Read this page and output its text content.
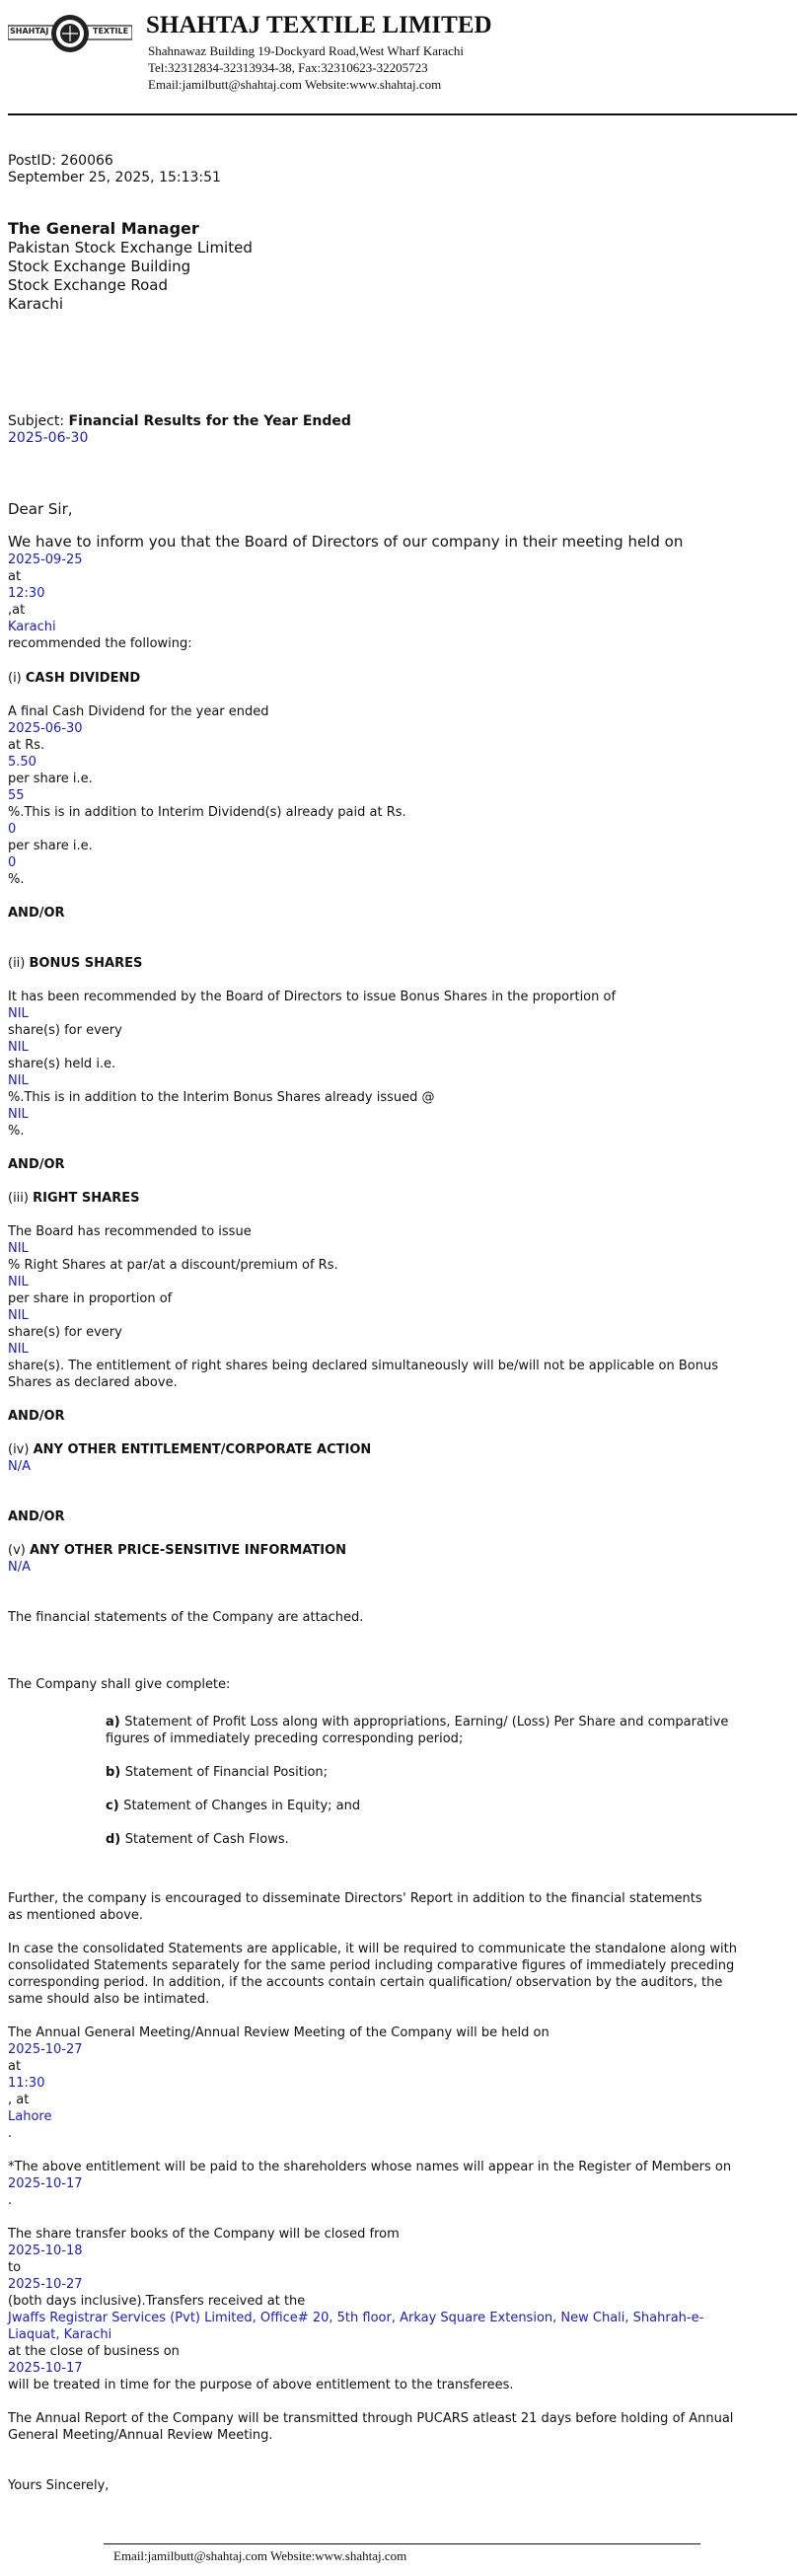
SHAHTAJ	TEXTILE SHAHTAJ TEXTILE LIMITED
Shahnawaz Building 19-Dockyard Road,West Wharf Karachi
Tel:32312834-32313934-38, Fax:32310623-32205723
Email:jamilbutt@shahtaj.com Website:www.shahtaj.com
PostID: 260066
September 25, 2025, 15:13:51
The General Manager
Pakistan Stock Exchange Limited
Stock Exchange Building
Stock Exchange Road
Karachi
Subject: Financial Results for the Year Ended
2025-06-30
Dear Sir,
We have to inform you that the Board of Directors of our company in their meeting held on
2025-09-25
at
12:30
,at
Karachi
recommended the following:
(i) CASH DIVIDEND
A final Cash Dividend for the year ended
2025-06-30
at Rs.
5.50
per share i.e.
55
%.This is in addition to Interim Dividend(s) already paid at Rs.
0
per share i.e.
0
%.
AND/OR
(ii) BONUS SHARES
It has been recommended by the Board of Directors to issue Bonus Shares in the proportion of
NIL
share(s) for every
NIL
share(s) held i.e.
NIL
%.This is in addition to the Interim Bonus Shares already issued @
NIL
%.
AND/OR
(iii) RIGHT SHARES
The Board has recommended to issue
NIL
% Right Shares at par/at a discount/premium of Rs.
NIL
per share in proportion of
NIL
share(s) for every
NIL
share(s). The entitlement of right shares being declared simultaneously will be/will not be applicable on Bonus
Shares as declared above.
AND/OR
(iv) ANY OTHER ENTITLEMENT/CORPORATE ACTION
N/A
AND/OR
(v) ANY OTHER PRICE-SENSITIVE INFORMATION
N/A
The financial statements of the Company are attached.
The Company shall give complete:
a) Statement of Profit Loss along with appropriations, Earning/ (Loss) Per Share and comparative
figures of immediately preceding corresponding period;
b) Statement of Financial Position;
c) Statement of Changes in Equity; and
d) Statement of Cash Flows.
Further, the company is encouraged to disseminate Directors' Report in addition to the financial statements
as mentioned above.
In case the consolidated Statements are applicable, it will be required to communicate the standalone along with
consolidated Statements separately for the same period including comparative figures of immediately preceding
corresponding period. In addition, if the accounts contain certain qualification/ observation by the auditors, the
same should also be intimated.
The Annual General Meeting/Annual Review Meeting of the Company will be held on
2025-10-27
at
11:30
, at
Lahore
.
*The above entitlement will be paid to the shareholders whose names will appear in the Register of Members on
2025-10-17
.
The share transfer books of the Company will be closed from
2025-10-18
to
2025-10-27
(both days inclusive).Transfers received at the
Jwaffs Registrar Services (Pvt) Limited, Office# 20, 5th floor, Arkay Square Extension, New Chali, Shahrah-e-
Liaquat, Karachi
at the close of business on
2025-10-17
will be treated in time for the purpose of above entitlement to the transferees.
The Annual Report of the Company will be transmitted through PUCARS atleast 21 days before holding of Annual
General Meeting/Annual Review Meeting.
Yours Sincerely,
Email:jamilbutt@shahtaj.com Website:www.shahtaj.com
